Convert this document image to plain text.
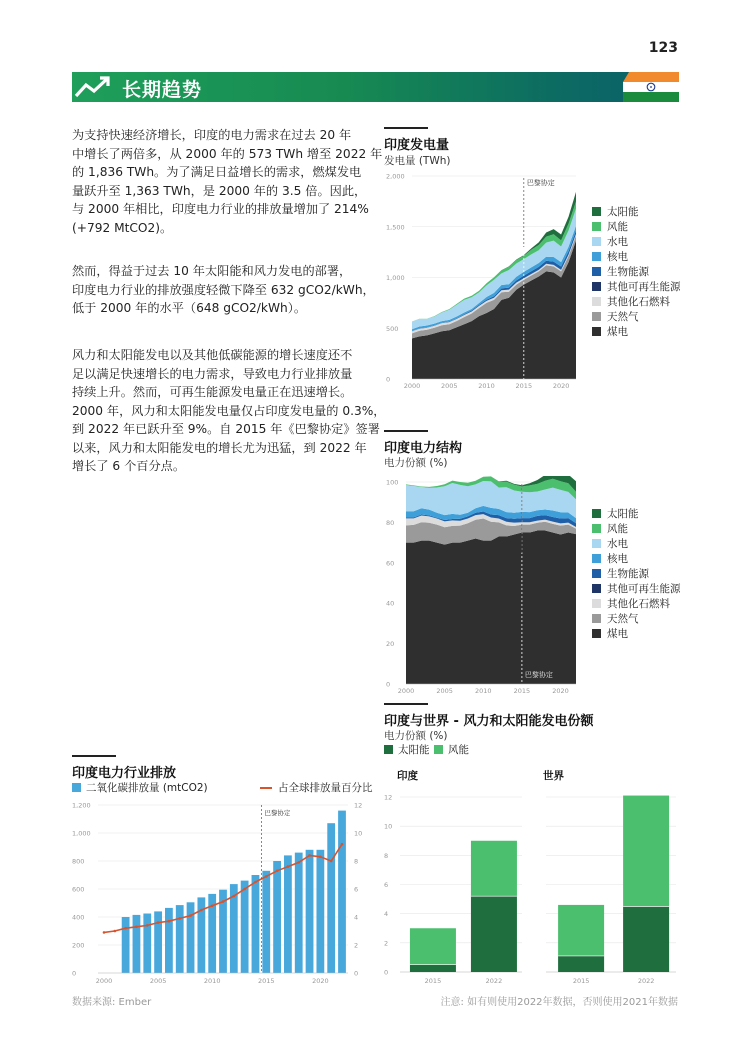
123
长期趋势

为支持快速经济增长，印度的电力需求在过去 20 年
中增长了两倍多，从 2000 年的 573 TWh 增至 2022 年
的 1,836 TWh。为了满足日益增长的需求，燃煤发电
量跃升至 1,363 TWh，是 2000 年的 3.5 倍。因此，
与 2000 年相比，印度电力行业的排放量增加了 214%
(+792 MtCO2)。

然而，得益于过去 10 年太阳能和风力发电的部署，
印度电力行业的排放强度轻微下降至 632 gCO2/kWh，
低于 2000 年的水平（648 gCO2/kWh）。

风力和太阳能发电以及其他低碳能源的增长速度还不
足以满足快速增长的电力需求，导致电力行业排放量
持续上升。然而，可再生能源发电量正在迅速增长。
2000 年，风力和太阳能发电量仅占印度发电量的 0.3%，
到 2022 年已跃升至 9%。自 2015 年《巴黎协定》签署
以来，风力和太阳能发电的增长尤为迅猛，到 2022 年
增长了 6 个百分点。

印度发电量
发电量 (TWh)
0
500
1,000
1,500
2,000
2000	2005	2010	2015	2020
巴黎协定
太阳能
风能
水电
核电
生物能源
其他可再生能源
其他化石燃料
天然气
煤电
印度电力结构
电力份额 (%)
0
20
40
60
80
100
2000	2005	2010	2015	2020
巴黎协定
太阳能
风能
水电
核电
生物能源
其他可再生能源
其他化石燃料
天然气
煤电
印度与世界 - 风力和太阳能发电份额
电力份额 (%)
太阳能 风能
印度	世界
0
2
4
6
8
10
12
2015	2022	2015	2022
印度电力行业排放
二氧化碳排放量 (mtCO2)	占全球排放量百分比
0
200
400
600
800
1,000
1,200
0
2
4
6
8
10
12
2000	2005	2010	2015	2020
巴黎协定
数据来源: Ember	注意: 如有则使用2022年数据，否则使用2021年数据
